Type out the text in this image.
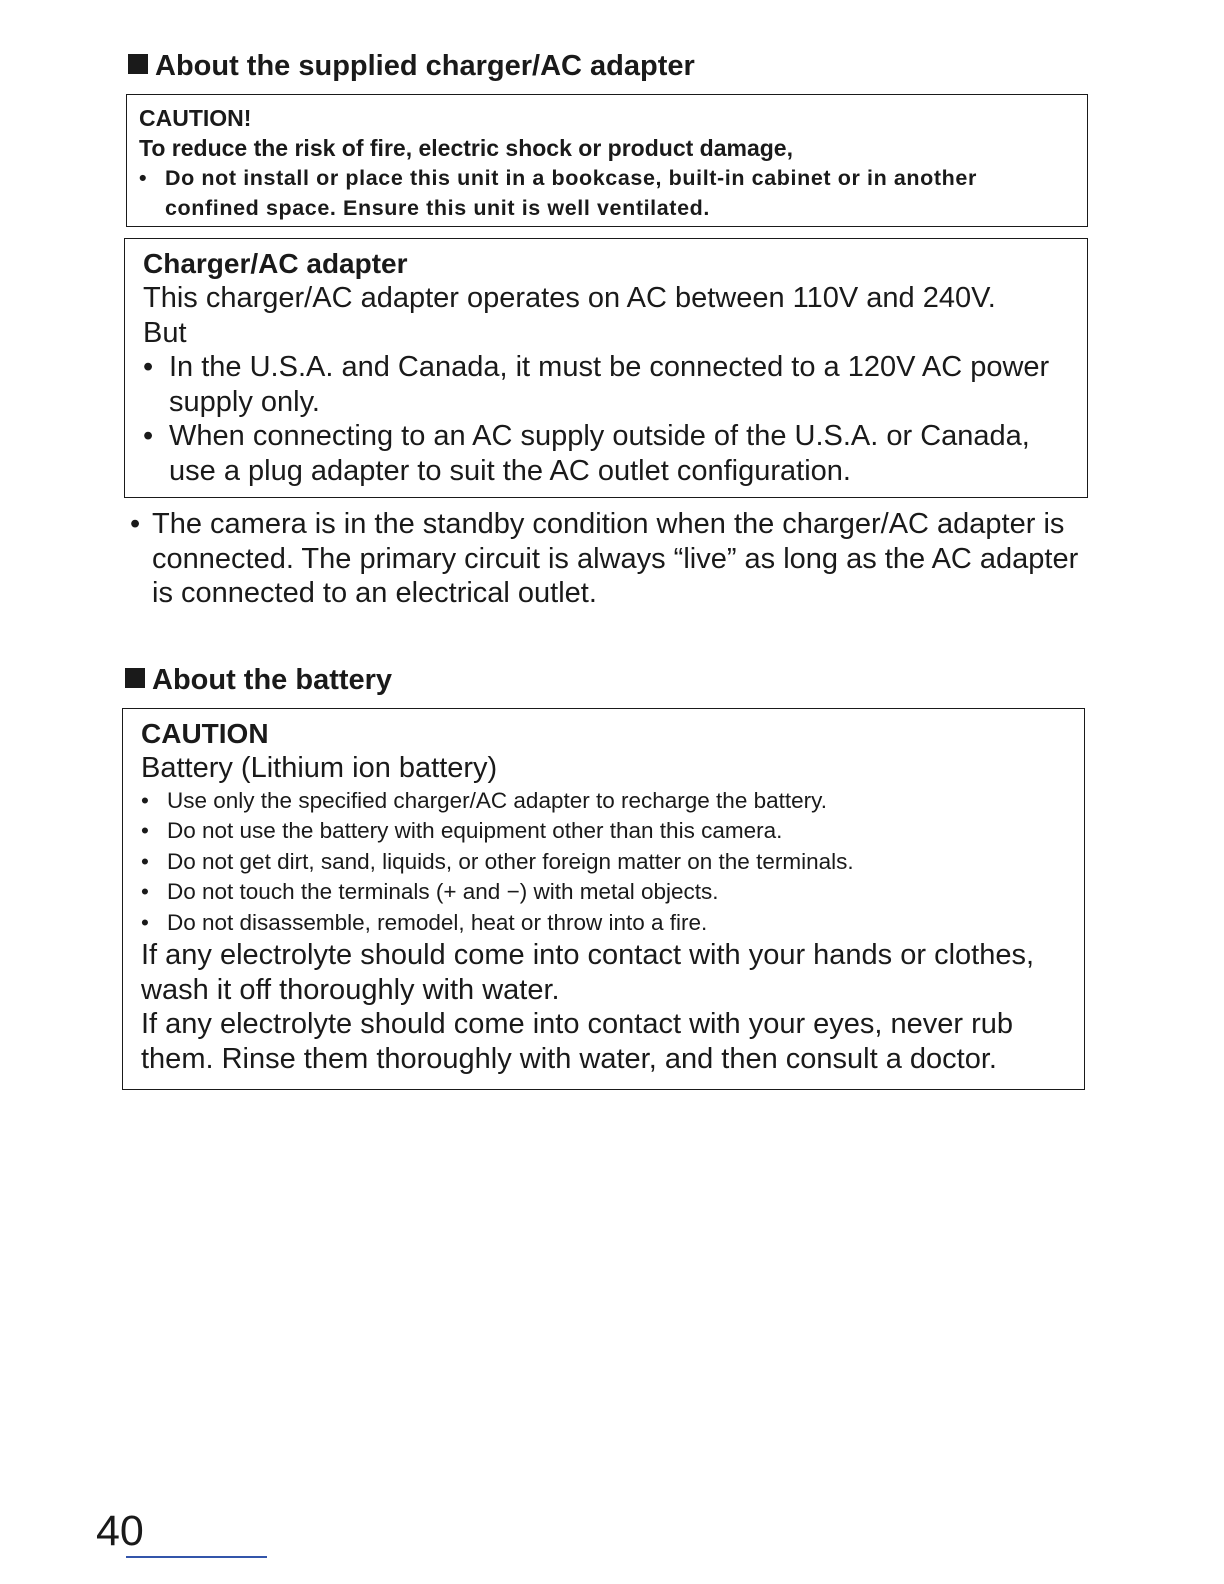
About the supplied charger/AC adapter
CAUTION!
To reduce the risk of fire, electric shock or product damage,
• Do not install or place this unit in a bookcase, built-in cabinet or in another confined space. Ensure this unit is well ventilated.
Charger/AC adapter
This charger/AC adapter operates on AC between 110V and 240V.
But
• In the U.S.A. and Canada, it must be connected to a 120V AC power supply only.
• When connecting to an AC supply outside of the U.S.A. or Canada, use a plug adapter to suit the AC outlet configuration.
• The camera is in the standby condition when the charger/AC adapter is connected. The primary circuit is always “live” as long as the AC adapter is connected to an electrical outlet.
About the battery
CAUTION
Battery (Lithium ion battery)
• Use only the specified charger/AC adapter to recharge the battery.
• Do not use the battery with equipment other than this camera.
• Do not get dirt, sand, liquids, or other foreign matter on the terminals.
• Do not touch the terminals (+ and −) with metal objects.
• Do not disassemble, remodel, heat or throw into a fire.
If any electrolyte should come into contact with your hands or clothes, wash it off thoroughly with water.
If any electrolyte should come into contact with your eyes, never rub them. Rinse them thoroughly with water, and then consult a doctor.
40
